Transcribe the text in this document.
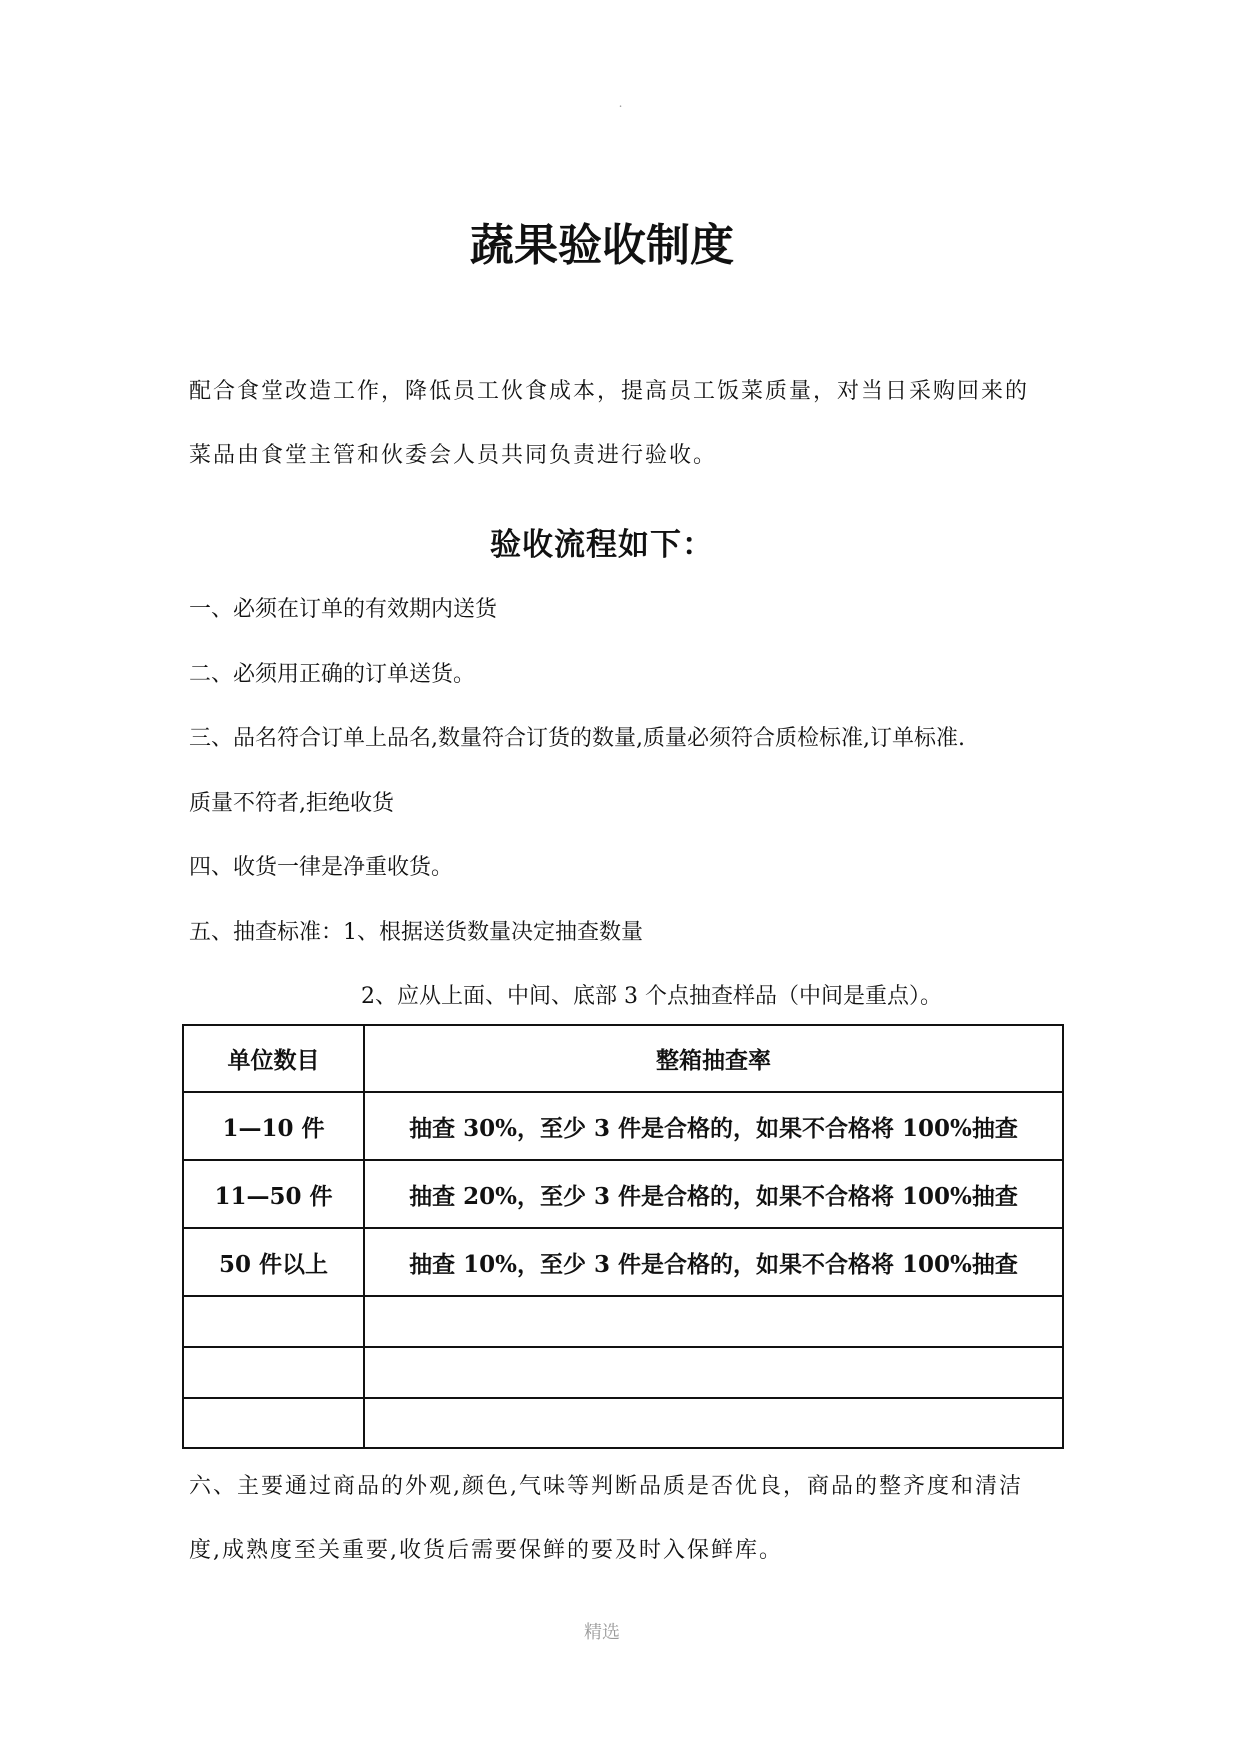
.
蔬果验收制度

配合食堂改造工作，降低员工伙食成本，提高员工饭菜质量，对当日采购回来的

菜品由食堂主管和伙委会人员共同负责进行验收。

验收流程如下：
一、必须在订单的有效期内送货
二、必须用正确的订单送货。
三、品名符合订单上品名,数量符合订货的数量,质量必须符合质检标准,订单标准.
质量不符者,拒绝收货
四、收货一律是净重收货。
五、抽查标准：1、根据送货数量决定抽查数量
2、应从上面、中间、底部 3 个点抽查样品（中间是重点）。
单位数目	整箱抽查率
1—10 件	抽查 30%，至少 3 件是合格的，如果不合格将 100%抽查
11—50 件	抽查 20%，至少 3 件是合格的，如果不合格将 100%抽查
50 件以上	抽查 10%，至少 3 件是合格的，如果不合格将 100%抽查

六、主要通过商品的外观,颜色,气味等判断品质是否优良，商品的整齐度和清洁

度,成熟度至关重要,收货后需要保鲜的要及时入保鲜库。

精选
